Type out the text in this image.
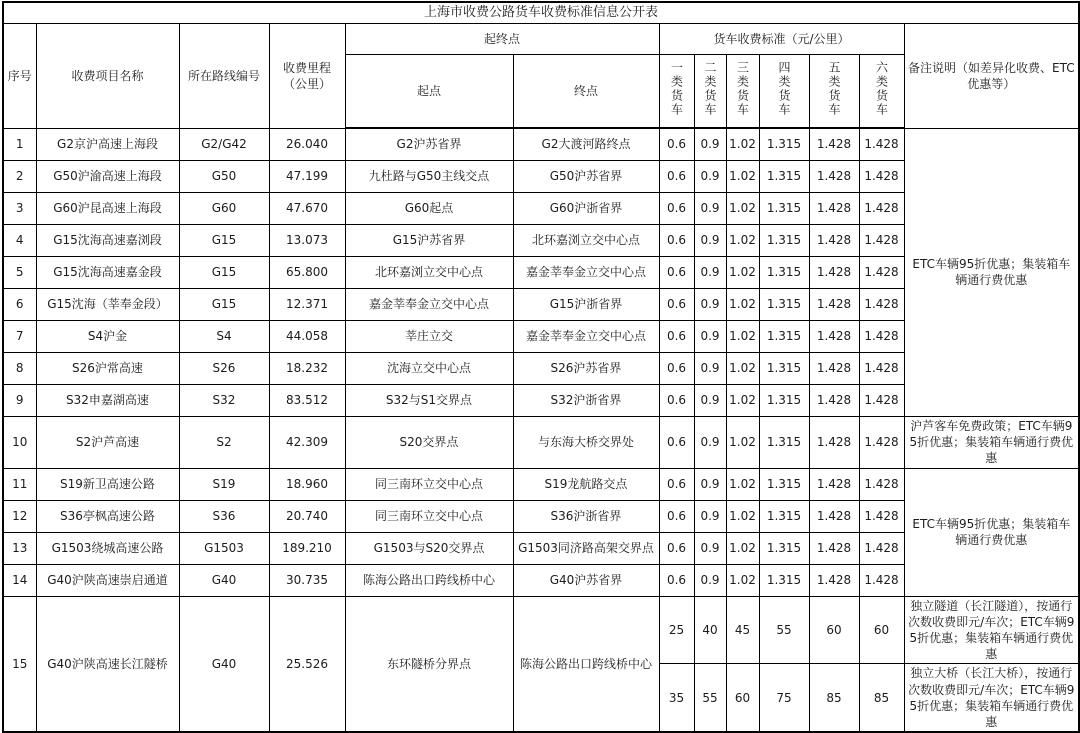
上海市收费公路货车收费标准信息公开表												
序号	收费项目名称	所在路线编号	收费里程（公里）	起终点		货车收费标准（元/公里）						备注说明（如差异化收费、ETC优惠等）
				起点	终点	一类货车	二类货车	三类货车	四类货车	五类货车	六类货车	
1	G2京沪高速上海段	G2/G42	26.040	G2沪苏省界	G2大渡河路终点	0.6	0.9	1.02	1.315	1.428	1.428	ETC车辆95折优惠；集装箱车辆通行费优惠
2	G50沪渝高速上海段	G50	47.199	九杜路与G50主线交点	G50沪苏省界	0.6	0.9	1.02	1.315	1.428	1.428	
3	G60沪昆高速上海段	G60	47.670	G60起点	G60沪浙省界	0.6	0.9	1.02	1.315	1.428	1.428	
4	G15沈海高速嘉浏段	G15	13.073	G15沪苏省界	北环嘉浏立交中心点	0.6	0.9	1.02	1.315	1.428	1.428	
5	G15沈海高速嘉金段	G15	65.800	北环嘉浏立交中心点	嘉金莘奉金立交中心点	0.6	0.9	1.02	1.315	1.428	1.428	
6	G15沈海（莘奉金段）	G15	12.371	嘉金莘奉金立交中心点	G15沪浙省界	0.6	0.9	1.02	1.315	1.428	1.428	
7	S4沪金	S4	44.058	莘庄立交	嘉金莘奉金立交中心点	0.6	0.9	1.02	1.315	1.428	1.428	
8	S26沪常高速	S26	18.232	沈海立交中心点	S26沪苏省界	0.6	0.9	1.02	1.315	1.428	1.428	
9	S32申嘉湖高速	S32	83.512	S32与S1交界点	S32沪浙省界	0.6	0.9	1.02	1.315	1.428	1.428	
10	S2沪芦高速	S2	42.309	S20交界点	与东海大桥交界处	0.6	0.9	1.02	1.315	1.428	1.428	沪芦客车免费政策；ETC车辆95折优惠；集装箱车辆通行费优惠
11	S19新卫高速公路	S19	18.960	同三南环立交中心点	S19龙航路交点	0.6	0.9	1.02	1.315	1.428	1.428	ETC车辆95折优惠；集装箱车辆通行费优惠
12	S36亭枫高速公路	S36	20.740	同三南环立交中心点	S36沪浙省界	0.6	0.9	1.02	1.315	1.428	1.428	
13	G1503绕城高速公路	G1503	189.210	G1503与S20交界点	G1503同济路高架交界点	0.6	0.9	1.02	1.315	1.428	1.428	
14	G40沪陕高速崇启通道	G40	30.735	陈海公路出口跨线桥中心	G40沪苏省界	0.6	0.9	1.02	1.315	1.428	1.428	
15	G40沪陕高速长江隧桥	G40	25.526	东环隧桥分界点	陈海公路出口跨线桥中心	25	40	45	55	60	60	独立隧道（长江隧道），按通行次数收费即元/车次；ETC车辆95折优惠；集装箱车辆通行费优惠
						35	55	60	75	85	85	独立大桥（长江大桥），按通行次数收费即元/车次；ETC车辆95折优惠；集装箱车辆通行费优惠
